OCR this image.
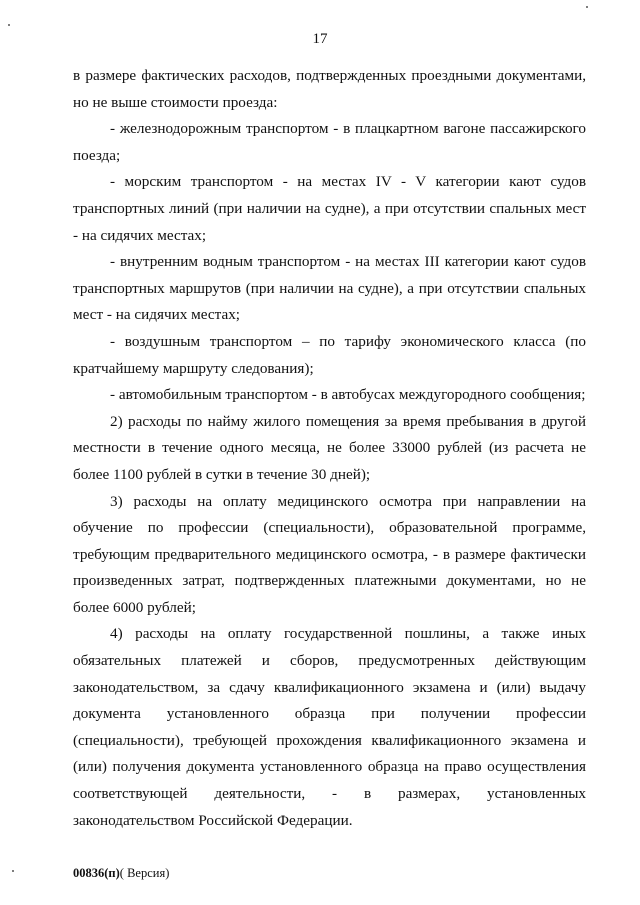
17

в размере фактических расходов, подтвержденных проездными документами, но не выше стоимости проезда:

- железнодорожным транспортом - в плацкартном вагоне пассажирского поезда;

- морским транспортом - на местах IV - V категории кают судов транспортных линий (при наличии на судне), а при отсутствии спальных мест - на сидячих местах;

- внутренним водным транспортом - на местах III категории кают судов транспортных маршрутов (при наличии на судне), а при отсутствии спальных мест - на сидячих местах;

- воздушным транспортом – по тарифу экономического класса (по кратчайшему маршруту следования);

- автомобильным транспортом - в автобусах междугородного сообщения;

2) расходы по найму жилого помещения за время пребывания в другой местности в течение одного месяца, не более 33000 рублей (из расчета не более 1100 рублей в сутки в течение 30 дней);

3) расходы на оплату медицинского осмотра при направлении на обучение по профессии (специальности), образовательной программе, требующим предварительного медицинского осмотра, - в размере фактически произведенных затрат, подтвержденных платежными документами, но не более 6000 рублей;

4) расходы на оплату государственной пошлины, а также иных обязательных платежей и сборов, предусмотренных действующим законодательством, за сдачу квалификационного экзамена и (или) выдачу документа установленного образца при получении профессии (специальности), требующей прохождения квалификационного экзамена и (или) получения документа установленного образца на право осуществления соответствующей деятельности, - в размерах, установленных законодательством Российской Федерации.

00836(п)( Версия)
